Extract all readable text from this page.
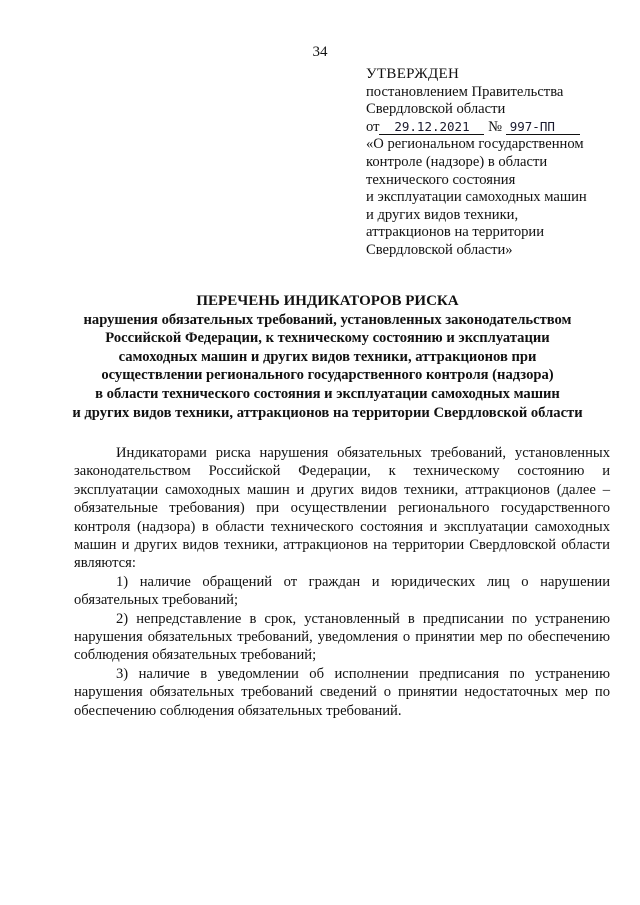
34
УТВЕРЖДЕН
постановлением Правительства
Свердловской области
от 29.12.2021 № 997-ПП
«О региональном государственном
контроле (надзоре) в области
технического состояния
и эксплуатации самоходных машин
и других видов техники,
аттракционов на территории
Свердловской области»
ПЕРЕЧЕНЬ ИНДИКАТОРОВ РИСКА
нарушения обязательных требований, установленных законодательством
Российской Федерации, к техническому состоянию и эксплуатации
самоходных машин и других видов техники, аттракционов при
осуществлении регионального государственного контроля (надзора)
в области технического состояния и эксплуатации самоходных машин
и других видов техники, аттракционов на территории Свердловской области

Индикаторами риска нарушения обязательных требований, установленных законодательством Российской Федерации, к техническому состоянию и эксплуатации самоходных машин и других видов техники, аттракционов (далее – обязательные требования) при осуществлении регионального государственного контроля (надзора) в области технического состояния и эксплуатации самоходных машин и других видов техники, аттракционов на территории Свердловской области являются:

1) наличие обращений от граждан и юридических лиц о нарушении обязательных требований;

2) непредставление в срок, установленный в предписании по устранению нарушения обязательных требований, уведомления о принятии мер по обеспечению соблюдения обязательных требований;

3) наличие в уведомлении об исполнении предписания по устранению нарушения обязательных требований сведений о принятии недостаточных мер по обеспечению соблюдения обязательных требований.
